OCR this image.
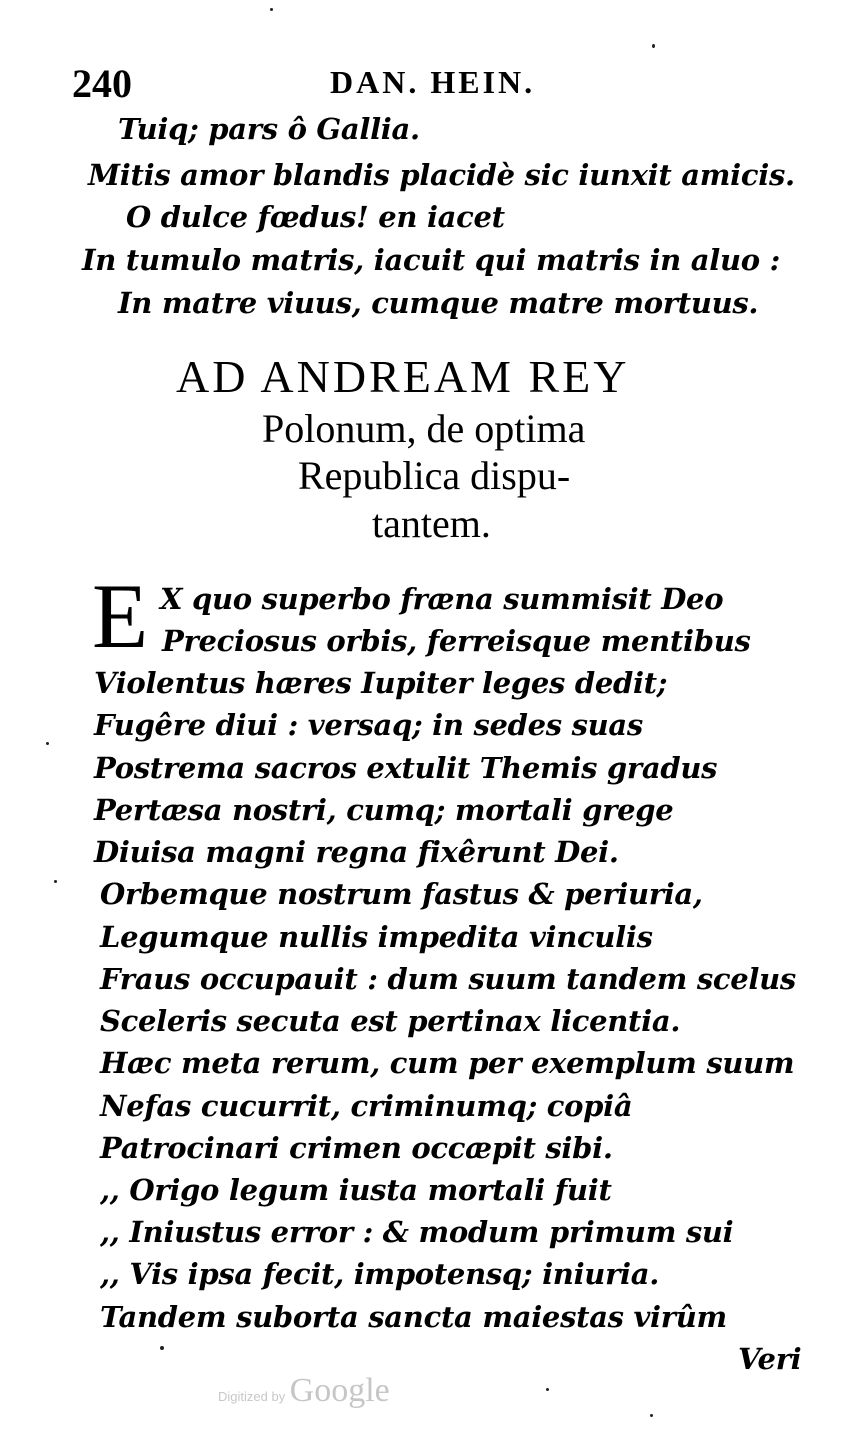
240	DAN. HEIN.
Tuiq; pars ô Gallia.
Mitis amor blandis placidè sic iunxit amicis.
O dulce fœdus! en iacet
In tumulo matris, iacuit qui matris in aluo :
In matre viuus, cumque matre mortuus.
AD ANDREAM REY
Polonum, de optima
Republica dispu-
tantem.
E X quo superbo fræna summisit Deo
Preciosus orbis, ferreisque mentibus
Violentus hæres Iupiter leges dedit;
Fugêre diui : versaq; in sedes suas
Postrema sacros extulit Themis gradus
Pertæsa nostri, cumq; mortali grege
Diuisa magni regna fixêrunt Dei.
Orbemque nostrum fastus & periuria,
Legumque nullis impedita vinculis
Fraus occupauit : dum suum tandem scelus
Sceleris secuta est pertinax licentia.
Hæc meta rerum, cum per exemplum suum
Nefas cucurrit, criminumq; copiâ
Patrocinari crimen occæpit sibi.
,, Origo legum iusta mortali fuit
,, Iniustus error : & modum primum sui
,, Vis ipsa fecit, impotensq; iniuria.
Tandem suborta sancta maiestas virûm
Veri
Digitized by Google
